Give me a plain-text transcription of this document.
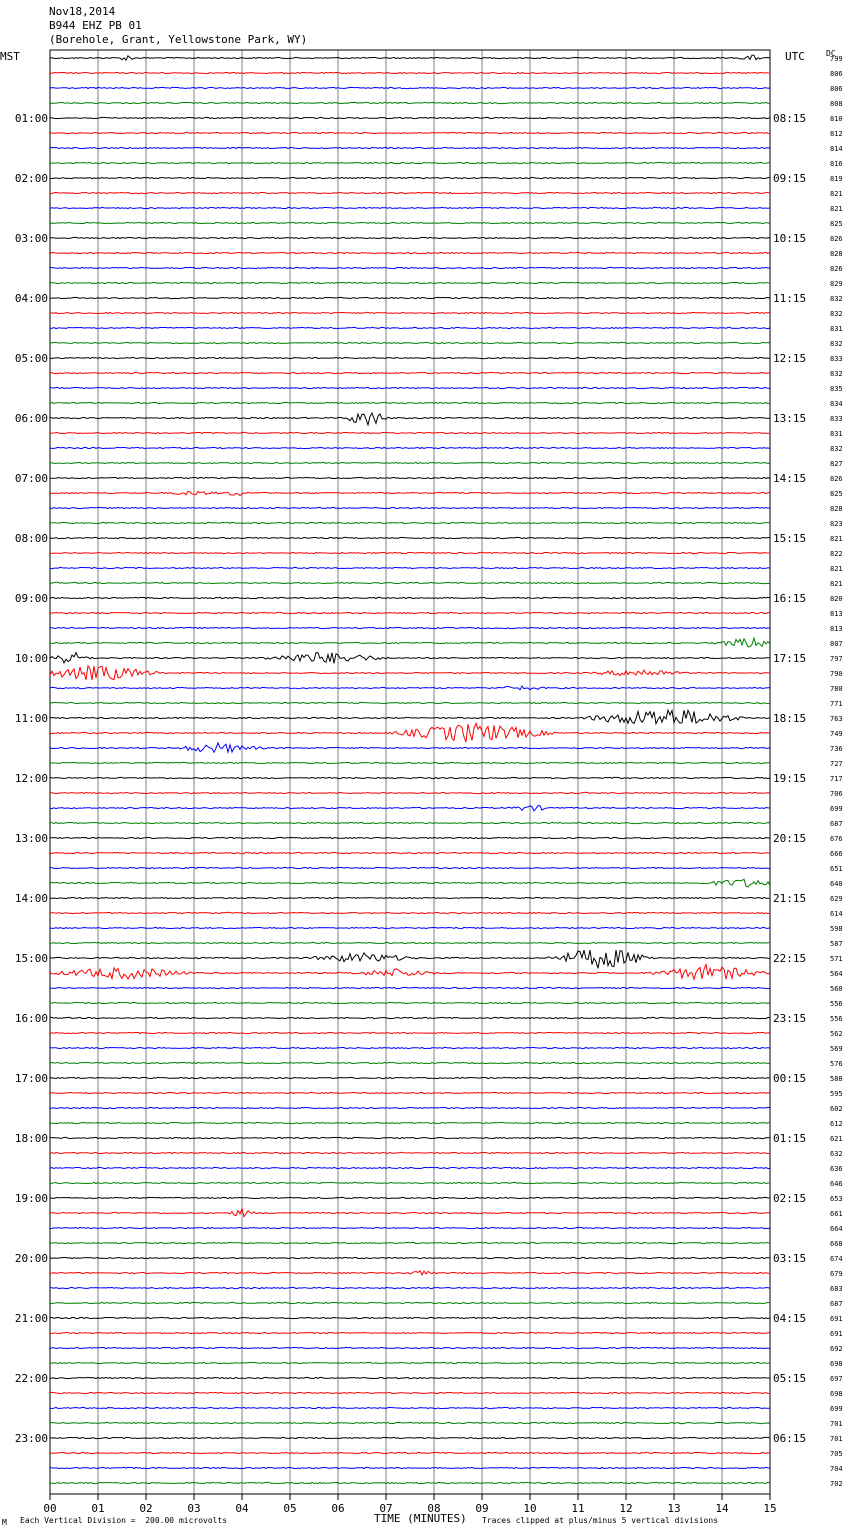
Nov18,2014
B944 EHZ PB 01
(Borehole, Grant, Yellowstone Park, WY)
MST	UTC	DC
00	01	02	03	04	05	06	07	08	09	10	11	12	13	14	15
01:00
02:00
03:00
04:00
05:00
06:00
07:00
08:00
09:00
10:00
11:00
12:00
13:00
14:00
15:00
16:00
17:00
18:00
19:00
20:00
21:00
22:00
23:00
08:15
09:15
10:15
11:15
12:15
13:15
14:15
15:15
16:15
17:15
18:15
19:15
20:15
21:15
22:15
23:15
00:15
01:15
02:15
03:15
04:15
05:15
06:15
799
806
806
808
810
812
814
816
819
821
821
825
826
828
826
829
832
832
831
832
833
832
835
834
833
831
832
827
826
825
828
823
821
822
821
821
820
813
813
807
797
790
780
771
763
749
736
727
717
706
699
687
676
666
651
640
629
614
598
587
571
564
560
556
556
562
569
576
588
595
602
612
621
632
636
646
653
661
664
668
674
679
683
687
691
691
692
698
697
698
699
701
701
705
704
702
M Each Vertical Division =  200.00 microvolts	TIME (MINUTES) Traces clipped at plus/minus 5 vertical divisions
